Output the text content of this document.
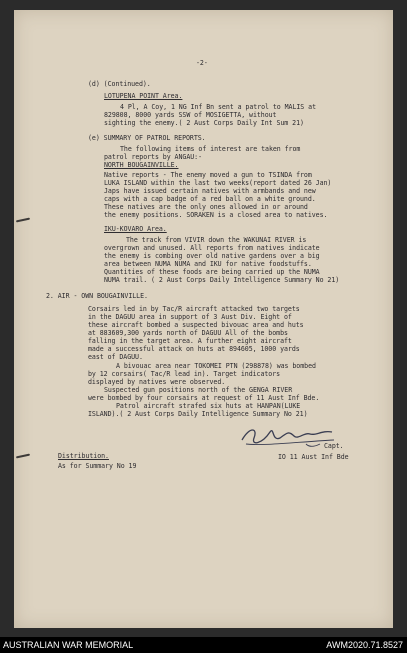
-2-
(d) (Continued).
LOTUPENA POINT Area.
4 Pl, A Coy, 1 NG Inf Bn sent a patrol to MALIS at
829808, 8000 yards SSW of MOSIGETTA, without
sighting the enemy.( 2 Aust Corps Daily Int Sum 21)
(e) SUMMARY OF PATROL REPORTS.
The following items of interest are taken from
patrol reports by ANGAU:-
NORTH BOUGAINVILLE.
Native reports - The enemy moved a gun to TSINDA from
LUKA ISLAND within the last two weeks(report dated 26 Jan)
Japs have issued certain natives with armbands and new
caps with a cap badge of a red ball on a white ground.
These natives are the only ones allowed in or around
the enemy positions. SORAKEN is a closed area to natives.
IKU-KOVARO Area.
The track from VIVIR down the WAKUNAI RIVER is
overgrown and unused. All reports from natives indicate
the enemy is combing over old native gardens over a big
area between NUMA NUMA and IKU for native foodstuffs.
Quantities of these foods are being carried up the NUMA
NUMA trail. ( 2 Aust Corps Daily Intelligence Summary No 21)
2. AIR - OWN BOUGAINVILLE.
Corsairs led in by Tac/R aircraft attacked two targets
in the DAGUU area in support of 3 Aust Div. Eight of
these aircraft bombed a suspected bivouac area and huts
at 883609,300 yards north of DAGUU All of the bombs
falling in the target area. A further eight aircraft
made a successful attack on huts at 894605, 1000 yards
east of DAGUU.
A bivouac area near TOKOMEI PTN (298878) was bombed
by 12 corsairs( Tac/R lead in). Target indicators
displayed by natives were observed.
Suspected gun positions north of the GENGA RIVER
were bombed by four corsairs at request of 11 Aust Inf Bde.
Patrol aircraft strafed six huts at HANPAN(LUKE
ISLAND).( 2 Aust Corps Daily Intelligence Summary No 21)
Capt.
IO 11 Aust Inf Bde
Distribution.
As for Summary No 19
AUSTRALIAN WAR MEMORIAL	AWM2020.71.8527
